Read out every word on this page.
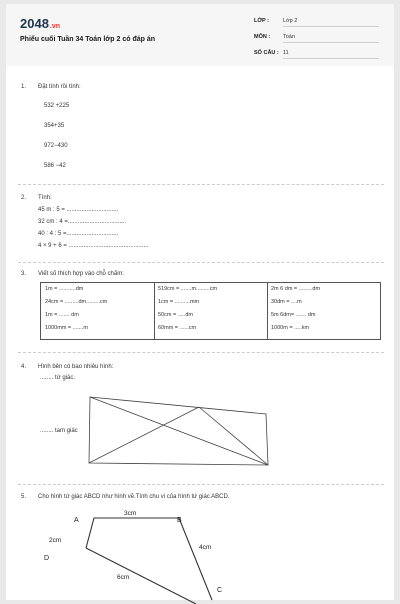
2048.vn
Phiếu cuối Tuần 34 Toán lớp 2 có đáp án
LỚP :	Lớp 2
MÔN :	Toán
SỐ CÂU : 11
1. Đặt tính rồi tính:
532 +225
354+35
972−430
586 −42
2. Tính:
45 m : 5 = ...............................
32 cm : 4 =...................................
40 : 4 : 5 =...............................
4 × 9 + 6 = ................................................
3. Viết số thích hợp vào chỗ chấm:
1m = ...........dm	519cm = .......m.........cm	2m 6 dm = .........dm
24cm = .........dm.........cm	1cm = ..........mm	30dm = ....m
1m = ....... dm	50cm = .....dm	5m 6dm= ....... dm
1000mm = .......m	60mm = ......cm	1000m = .....km
4. Hình bên có bao nhiêu hình:
........ tứ giác.
........ tam giác
5. Cho hình tứ giác ABCD như hình vẽ.Tính chu vi của hình tứ giác ABCD.
A	B
C
D
3cm
4cm
6cm
2cm
